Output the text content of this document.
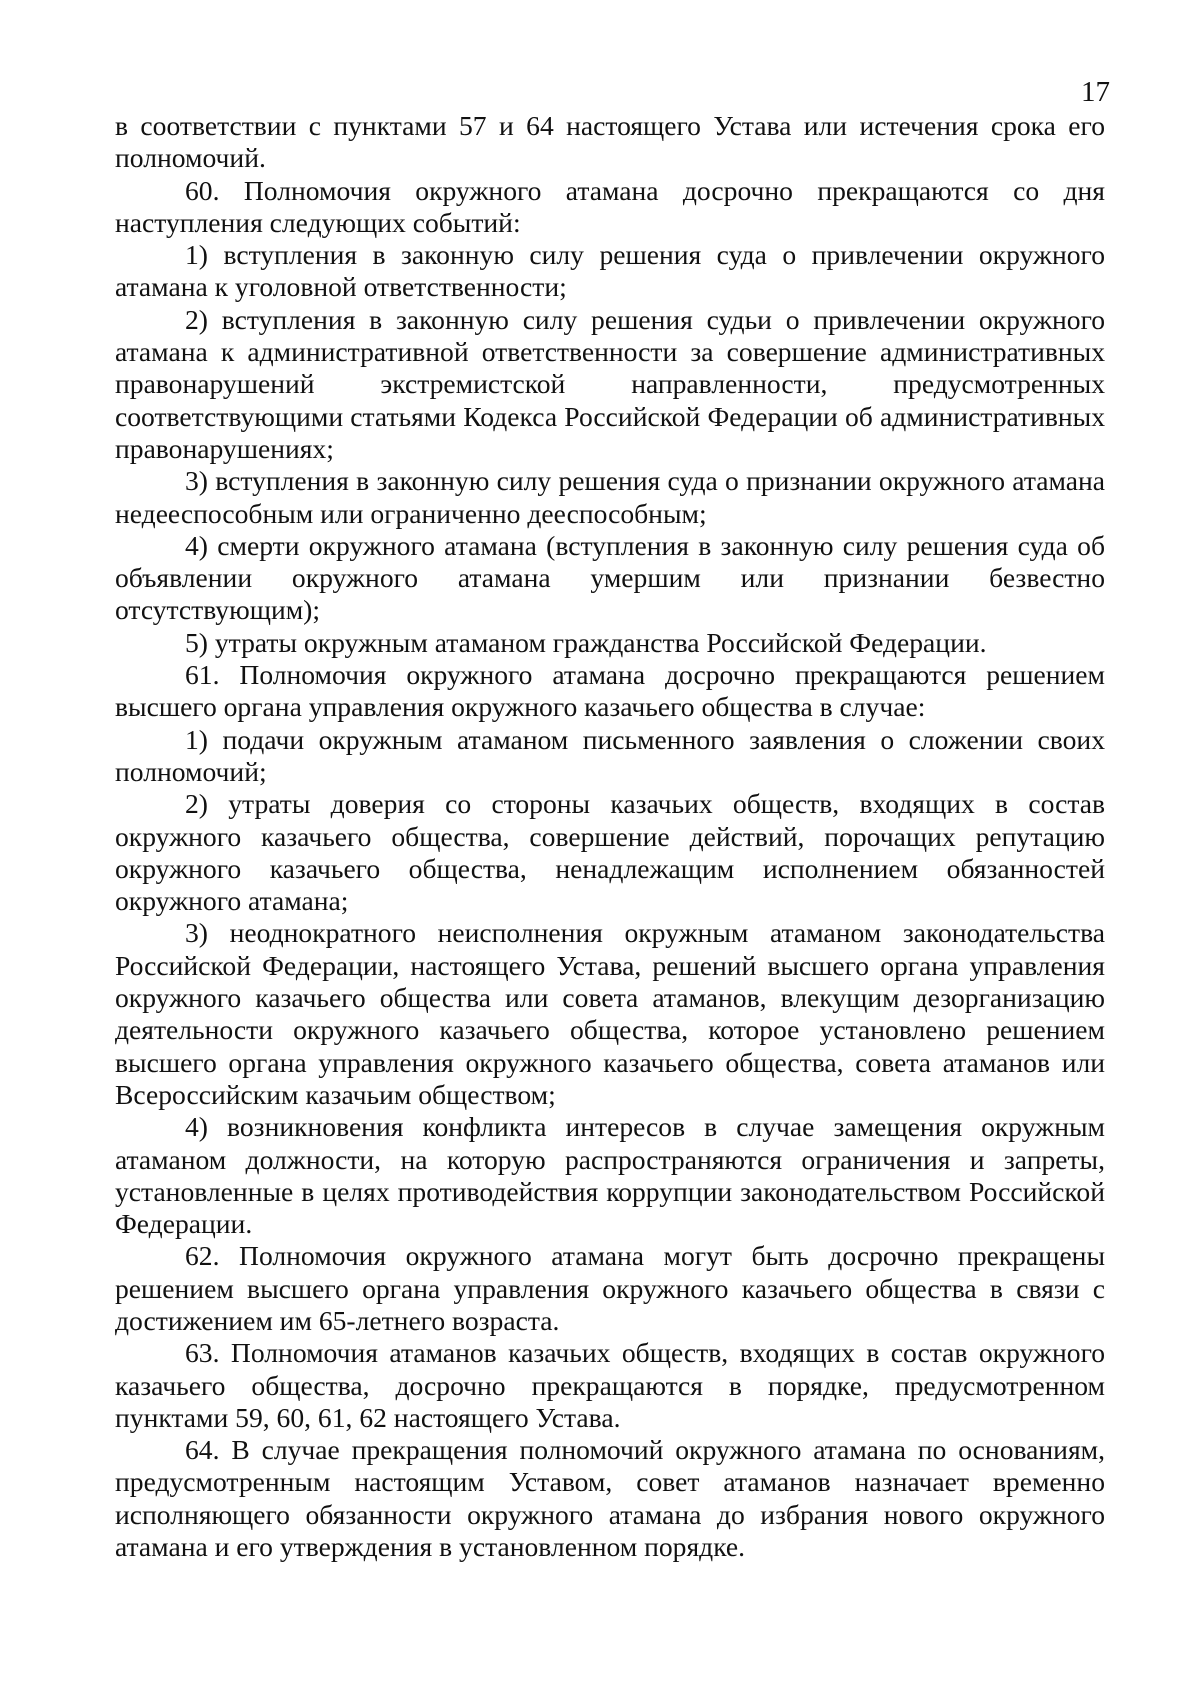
17

в соответствии с пунктами 57 и 64 настоящего Устава или истечения срока его полномочий.

60. Полномочия окружного атамана досрочно прекращаются со дня наступления следующих событий:

1) вступления в законную силу решения суда о привлечении окружного атамана к уголовной ответственности;

2) вступления в законную силу решения судьи о привлечении окружного атамана к административной ответственности за совершение административных правонарушений экстремистской направленности, предусмотренных соответствующими статьями Кодекса Российской Федерации об административных правонарушениях;

3) вступления в законную силу решения суда о признании окружного атамана недееспособным или ограниченно дееспособным;

4) смерти окружного атамана (вступления в законную силу решения суда об объявлении окружного атамана умершим или признании безвестно отсутствующим);

5) утраты окружным атаманом гражданства Российской Федерации.

61. Полномочия окружного атамана досрочно прекращаются решением высшего органа управления окружного казачьего общества в случае:

1) подачи окружным атаманом письменного заявления о сложении своих полномочий;

2) утраты доверия со стороны казачьих обществ, входящих в состав окружного казачьего общества, совершение действий, порочащих репутацию окружного казачьего общества, ненадлежащим исполнением обязанностей окружного атамана;

3) неоднократного неисполнения окружным атаманом законодательства Российской Федерации, настоящего Устава, решений высшего органа управления окружного казачьего общества или совета атаманов, влекущим дезорганизацию деятельности окружного казачьего общества, которое установлено решением высшего органа управления окружного казачьего общества, совета атаманов или Всероссийским казачьим обществом;

4) возникновения конфликта интересов в случае замещения окружным атаманом должности, на которую распространяются ограничения и запреты, установленные в целях противодействия коррупции законодательством Российской Федерации.

62. Полномочия окружного атамана могут быть досрочно прекращены решением высшего органа управления окружного казачьего общества в связи с достижением им 65-летнего возраста.

63. Полномочия атаманов казачьих обществ, входящих в состав окружного казачьего общества, досрочно прекращаются в порядке, предусмотренном пунктами 59, 60, 61, 62 настоящего Устава.

64. В случае прекращения полномочий окружного атамана по основаниям, предусмотренным настоящим Уставом, совет атаманов назначает временно исполняющего обязанности окружного атамана до избрания нового окружного атамана и его утверждения в установленном порядке.
